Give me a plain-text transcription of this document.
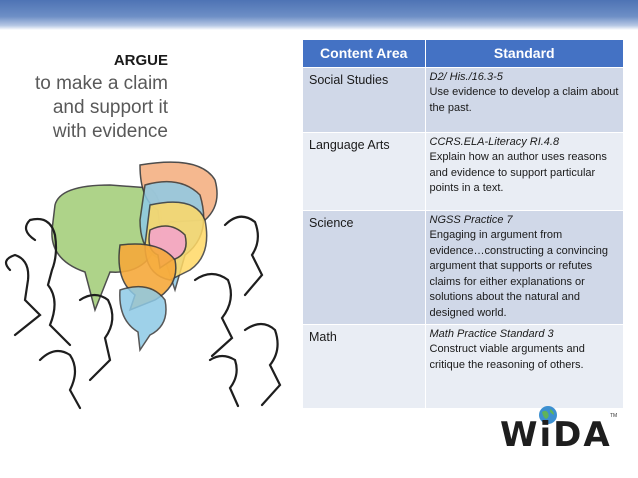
ARGUE
to make a claim
and support it
with evidence
Content Area	Standard
Social Studies	D2/ His./16.3-5
Use evidence to develop a claim about the past.

Language Arts	CCRS.ELA-Literacy RI.4.8
Explain how an author uses reasons and evidence to support particular points in a text.

Science	NGSS Practice 7
Engaging in argument from evidence…constructing a convincing argument that supports or refutes claims for either explanations or solutions about the natural and designed world.

Math	Math Practice Standard 3
Construct viable arguments and critique the reasoning of others.
WiDA
TM
